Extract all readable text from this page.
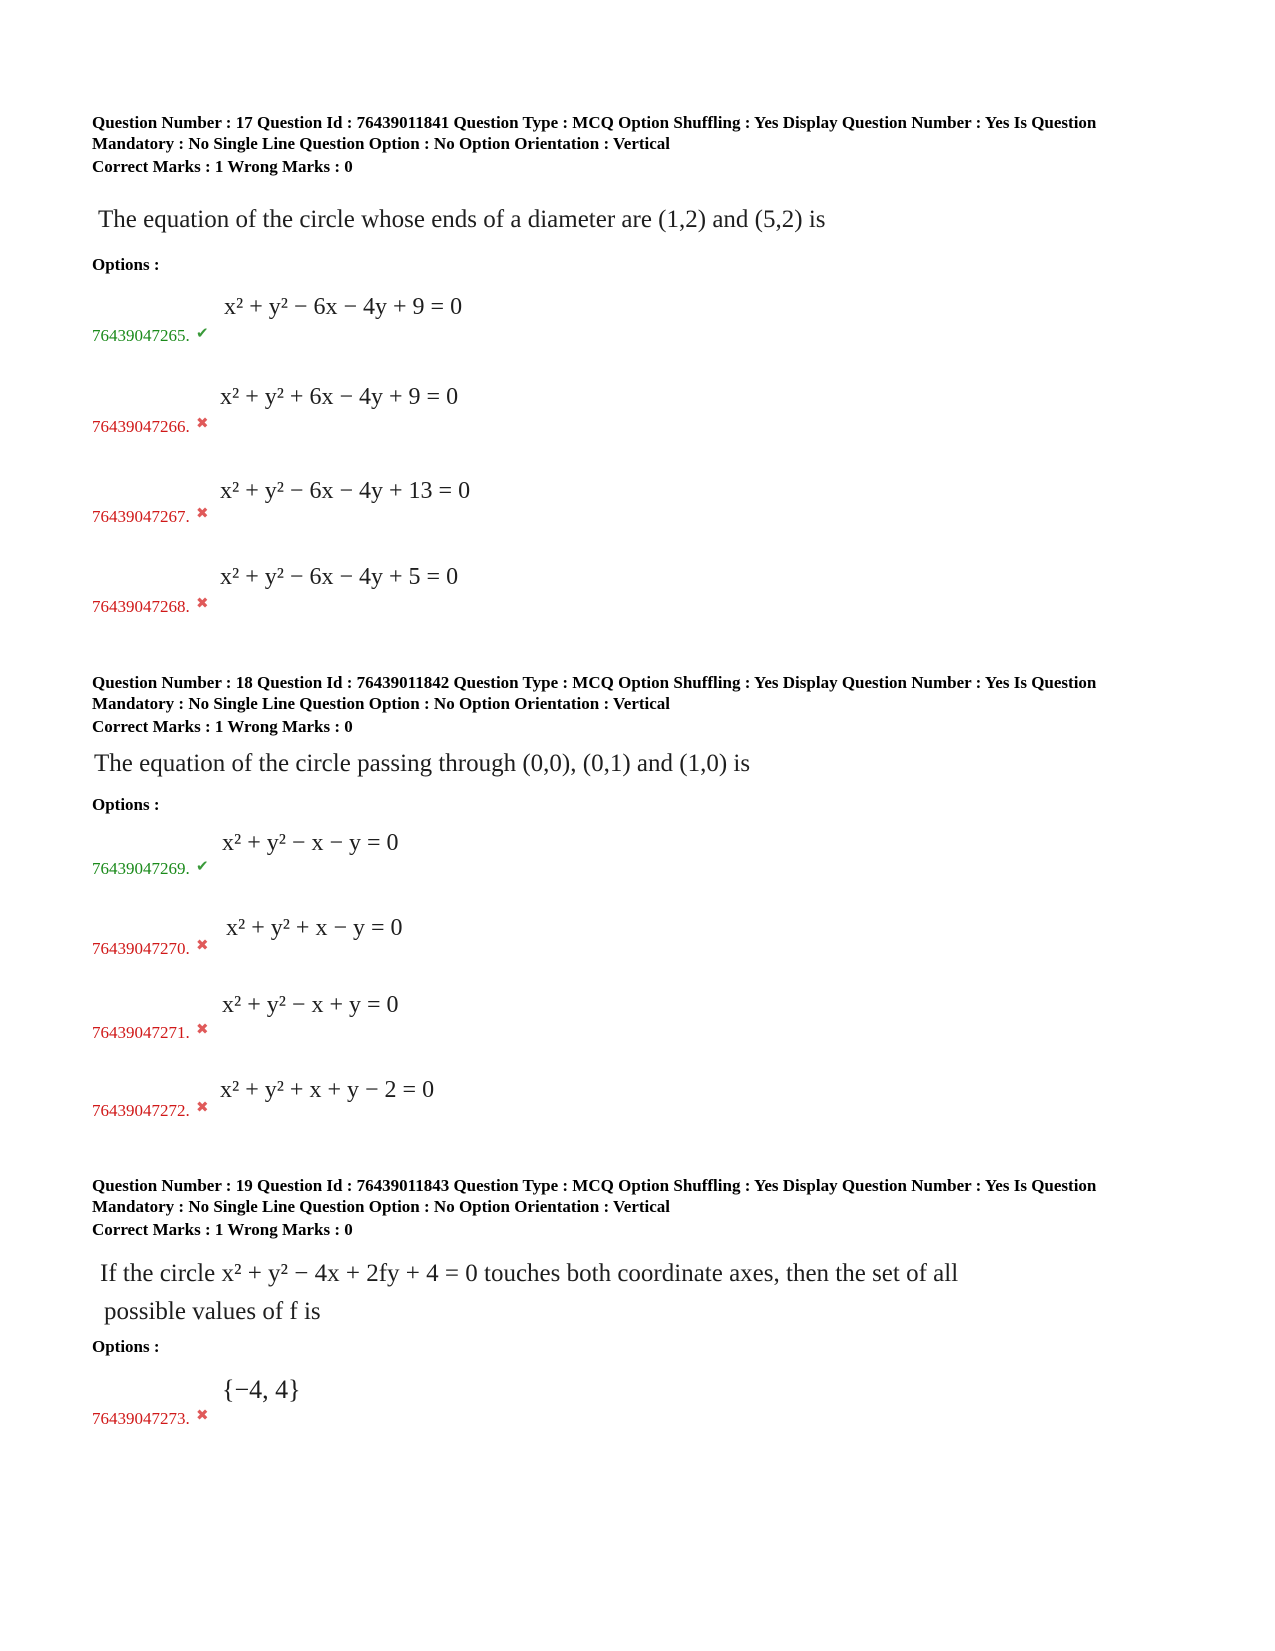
Question Number : 17 Question Id : 76439011841 Question Type : MCQ Option Shuffling : Yes Display Question Number : Yes Is Question
Mandatory : No Single Line Question Option : No Option Orientation : Vertical
Correct Marks : 1 Wrong Marks : 0
The equation of the circle whose ends of a diameter are (1,2) and (5,2) is
Options :
x² + y² − 6x − 4y + 9 = 0
76439047265. ✔
x² + y² + 6x − 4y + 9 = 0
76439047266. ✖
x² + y² − 6x − 4y + 13 = 0
76439047267. ✖
x² + y² − 6x − 4y + 5 = 0
76439047268. ✖
Question Number : 18 Question Id : 76439011842 Question Type : MCQ Option Shuffling : Yes Display Question Number : Yes Is Question
Mandatory : No Single Line Question Option : No Option Orientation : Vertical
Correct Marks : 1 Wrong Marks : 0
The equation of the circle passing through (0,0), (0,1) and (1,0) is
Options :
x² + y² − x − y = 0
76439047269. ✔
x² + y² + x − y = 0
76439047270. ✖
x² + y² − x + y = 0
76439047271. ✖
x² + y² + x + y − 2 = 0
76439047272. ✖
Question Number : 19 Question Id : 76439011843 Question Type : MCQ Option Shuffling : Yes Display Question Number : Yes Is Question
Mandatory : No Single Line Question Option : No Option Orientation : Vertical
Correct Marks : 1 Wrong Marks : 0
If the circle x² + y² − 4x + 2fy + 4 = 0 touches both coordinate axes, then the set of all
possible values of f is
Options :
{−4, 4}
76439047273. ✖
